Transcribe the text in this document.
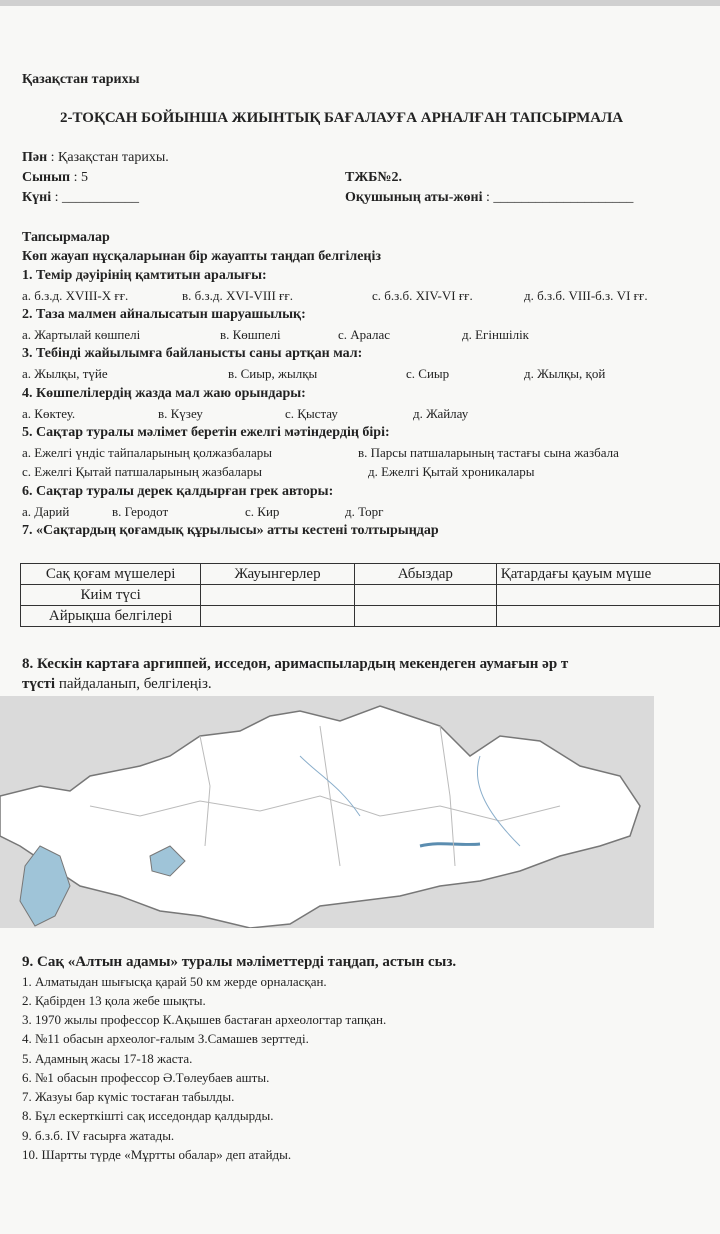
Қазақстан тарихы
2-ТОҚСАН БОЙЫНША ЖИЫНТЫҚ БАҒАЛАУҒА АРНАЛҒАН ТАПСЫРМАЛА
Пән : Қазақстан тарихы.
Сынып : 5	ТЖБ№2.
Күні : ___________	Оқушының аты-жөні : ____________________
Тапсырмалар
Көп жауап нұсқаларынан бір жауапты таңдап белгілеңіз
1. Темір дәуірінің қамтитын аралығы:
а. б.з.д. XVIII-X ғғ.	в. б.з.д. XVI-VIII ғғ.	с. б.з.б. XIV-VI ғғ.	д. б.з.б. VIII-б.з. VI ғғ.
2. Таза малмен айналысатын шаруашылық:
а. Жартылай көшпелі	в. Көшпелі	с. Аралас	д. Егіншілік
3. Тебінді жайылымға байланысты саны артқан мал:
а. Жылқы, түйе	в. Сиыр, жылқы	с. Сиыр	д. Жылқы, қой
4. Көшпелілердің жазда мал жаю орындары:
а. Көктеу.	в. Күзеу	с. Қыстау	д. Жайлау
5. Сақтар туралы мәлімет беретін ежелгі мәтіндердің бірі:
а. Ежелгі үндіс тайпаларының қолжазбалары	в. Парсы патшаларының тастағы сына жазбала
с. Ежелгі Қытай патшаларының жазбалары	д. Ежелгі Қытай хроникалары
6. Сақтар туралы дерек қалдырған грек авторы:
а. Дарий	в. Геродот	с. Кир	д. Торг
7. «Сақтардың қоғамдық құрылысы» атты кестені толтырыңдар
Сақ қоғам мүшелері	Жауынгерлер	Абыздар	Қатардағы қауым мүше
Киім түсі			
Айрықша белгілері			
8. Кескін картаға аргиппей, исседон, аримаспылардың мекендеген аумағын әр т
түсті пайдаланып, белгілеңіз.
9. Сақ «Алтын адамы» туралы мәліметтерді таңдап, астын сыз.
1. Алматыдан шығысқа қарай 50 км жерде орналасқан.
2. Қабірден 13 қола жебе шықты.
3. 1970 жылы профессор К.Ақышев бастаған археологтар тапқан.
4. №11 обасын археолог-ғалым З.Самашев зерттеді.
5. Адамның жасы 17-18 жаста.
6. №1 обасын профессор Ә.Төлеубаев ашты.
7. Жазуы бар күміс тостаған табылды.
8. Бұл ескерткішті сақ исседондар қалдырды.
9. б.з.б. IV ғасырға жатады.
10. Шартты түрде «Мұртты обалар» деп атайды.
